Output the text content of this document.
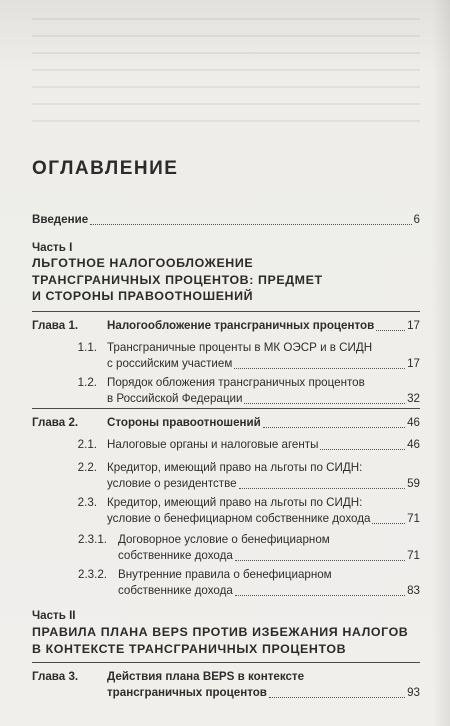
ОГЛАВЛЕНИЕ
Введение	6
Часть I
ЛЬГОТНОЕ НАЛОГООБЛОЖЕНИЕ
ТРАНСГРАНИЧНЫХ ПРОЦЕНТОВ: ПРЕДМЕТ
И СТОРОНЫ ПРАВООТНОШЕНИЙ
Глава 1.	Налогообложение трансграничных процентов	17
1.1. Трансграничные проценты в МК ОЭСР и в СИДН
с российским участием	17
1.2. Порядок обложения трансграничных процентов
в Российской Федерации	32
Глава 2.	Стороны правоотношений	46
2.1. Налоговые органы и налоговые агенты	46
2.2. Кредитор, имеющий право на льготы по СИДН:
условие о резидентстве	59
2.3. Кредитор, имеющий право на льготы по СИДН:
условие о бенефициарном собственнике дохода	71
2.3.1. Договорное условие о бенефициарном
собственнике дохода	71
2.3.2. Внутренние правила о бенефициарном
собственнике дохода	83
Часть II
ПРАВИЛА ПЛАНА BEPS ПРОТИВ ИЗБЕЖАНИЯ НАЛОГОВ
В КОНТЕКСТЕ ТРАНСГРАНИЧНЫХ ПРОЦЕНТОВ
Глава 3.	Действия плана BEPS в контексте
трансграничных процентов	93
